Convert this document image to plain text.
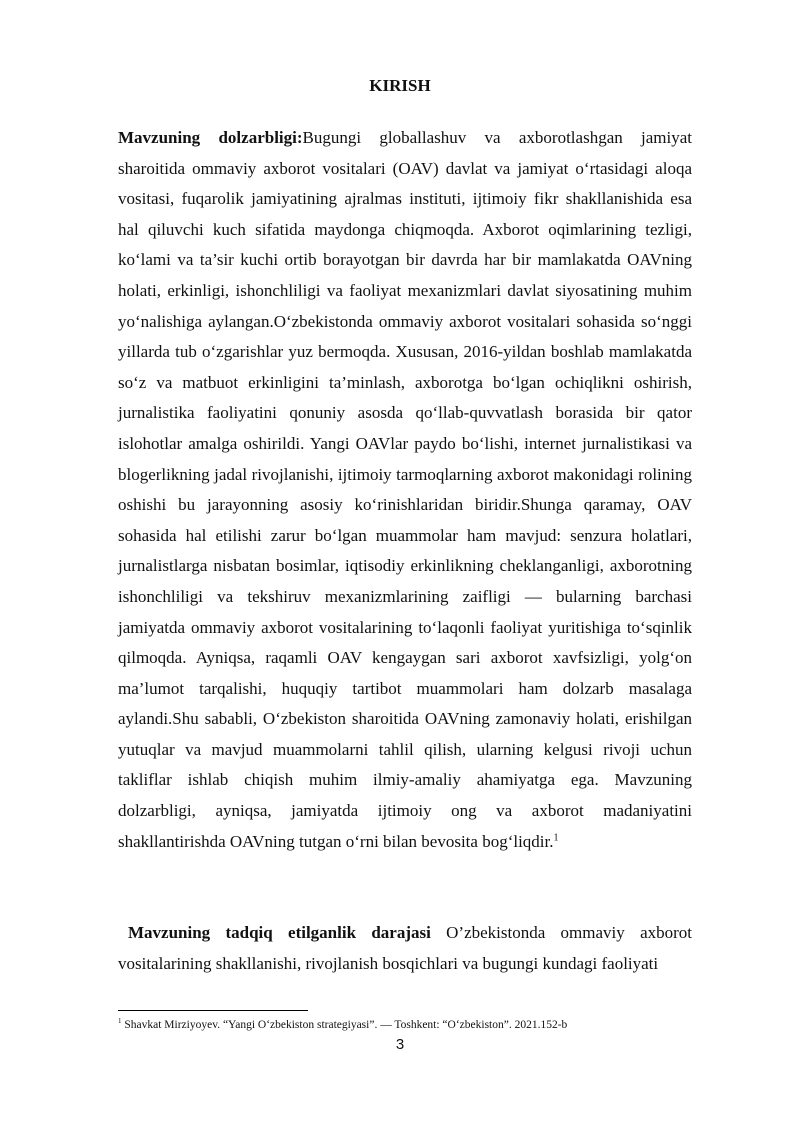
KIRISH
Mavzuning dolzarbligi:Bugungi globallashuv va axborotlashgan jamiyat sharoitida ommaviy axborot vositalari (OAV) davlat va jamiyat o‘rtasidagi aloqa vositasi, fuqarolik jamiyatining ajralmas instituti, ijtimoiy fikr shakllanishida esa hal qiluvchi kuch sifatida maydonga chiqmoqda. Axborot oqimlarining tezligi, ko‘lami va ta’sir kuchi ortib borayotgan bir davrda har bir mamlakatda OAVning holati, erkinligi, ishonchliligi va faoliyat mexanizmlari davlat siyosatining muhim yo‘nalishiga aylangan.O‘zbekistonda ommaviy axborot vositalari sohasida so‘nggi yillarda tub o‘zgarishlar yuz bermoqda. Xususan, 2016-yildan boshlab mamlakatda so‘z va matbuot erkinligini ta’minlash, axborotga bo‘lgan ochiqlikni oshirish, jurnalistika faoliyatini qonuniy asosda qo‘llab-quvvatlash borasida bir qator islohotlar amalga oshirildi. Yangi OAVlar paydo bo‘lishi, internet jurnalistikasi va blogerlikning jadal rivojlanishi, ijtimoiy tarmoqlarning axborot makonidagi rolining oshishi bu jarayonning asosiy ko‘rinishlaridan biridir.Shunga qaramay, OAV sohasida hal etilishi zarur bo‘lgan muammolar ham mavjud: senzura holatlari, jurnalistlarga nisbatan bosimlar, iqtisodiy erkinlikning cheklanganligi, axborotning ishonchliligi va tekshiruv mexanizmlarining zaifligi — bularning barchasi jamiyatda ommaviy axborot vositalarining to‘laqonli faoliyat yuritishiga to‘sqinlik qilmoqda. Ayniqsa, raqamli OAV kengaygan sari axborot xavfsizligi, yolg‘on ma’lumot tarqalishi, huquqiy tartibot muammolari ham dolzarb masalaga aylandi.Shu sababli, O‘zbekiston sharoitida OAVning zamonaviy holati, erishilgan yutuqlar va mavjud muammolarni tahlil qilish, ularning kelgusi rivoji uchun takliflar ishlab chiqish muhim ilmiy-amaliy ahamiyatga ega. Mavzuning dolzarbligi, ayniqsa, jamiyatda ijtimoiy ong va axborot madaniyatini shakllantirishda OAVning tutgan o‘rni bilan bevosita bog‘liqdir.$^1$
Mavzuning tadqiq etilganlik darajasi O’zbekistonda ommaviy axborot vositalarining shakllanishi, rivojlanish bosqichlari va bugungi kundagi faoliyati
$^1$ Shavkat Mirziyoyev. “Yangi O‘zbekiston strategiyasi”. — Toshkent: “O‘zbekiston”. 2021.152-b
3
